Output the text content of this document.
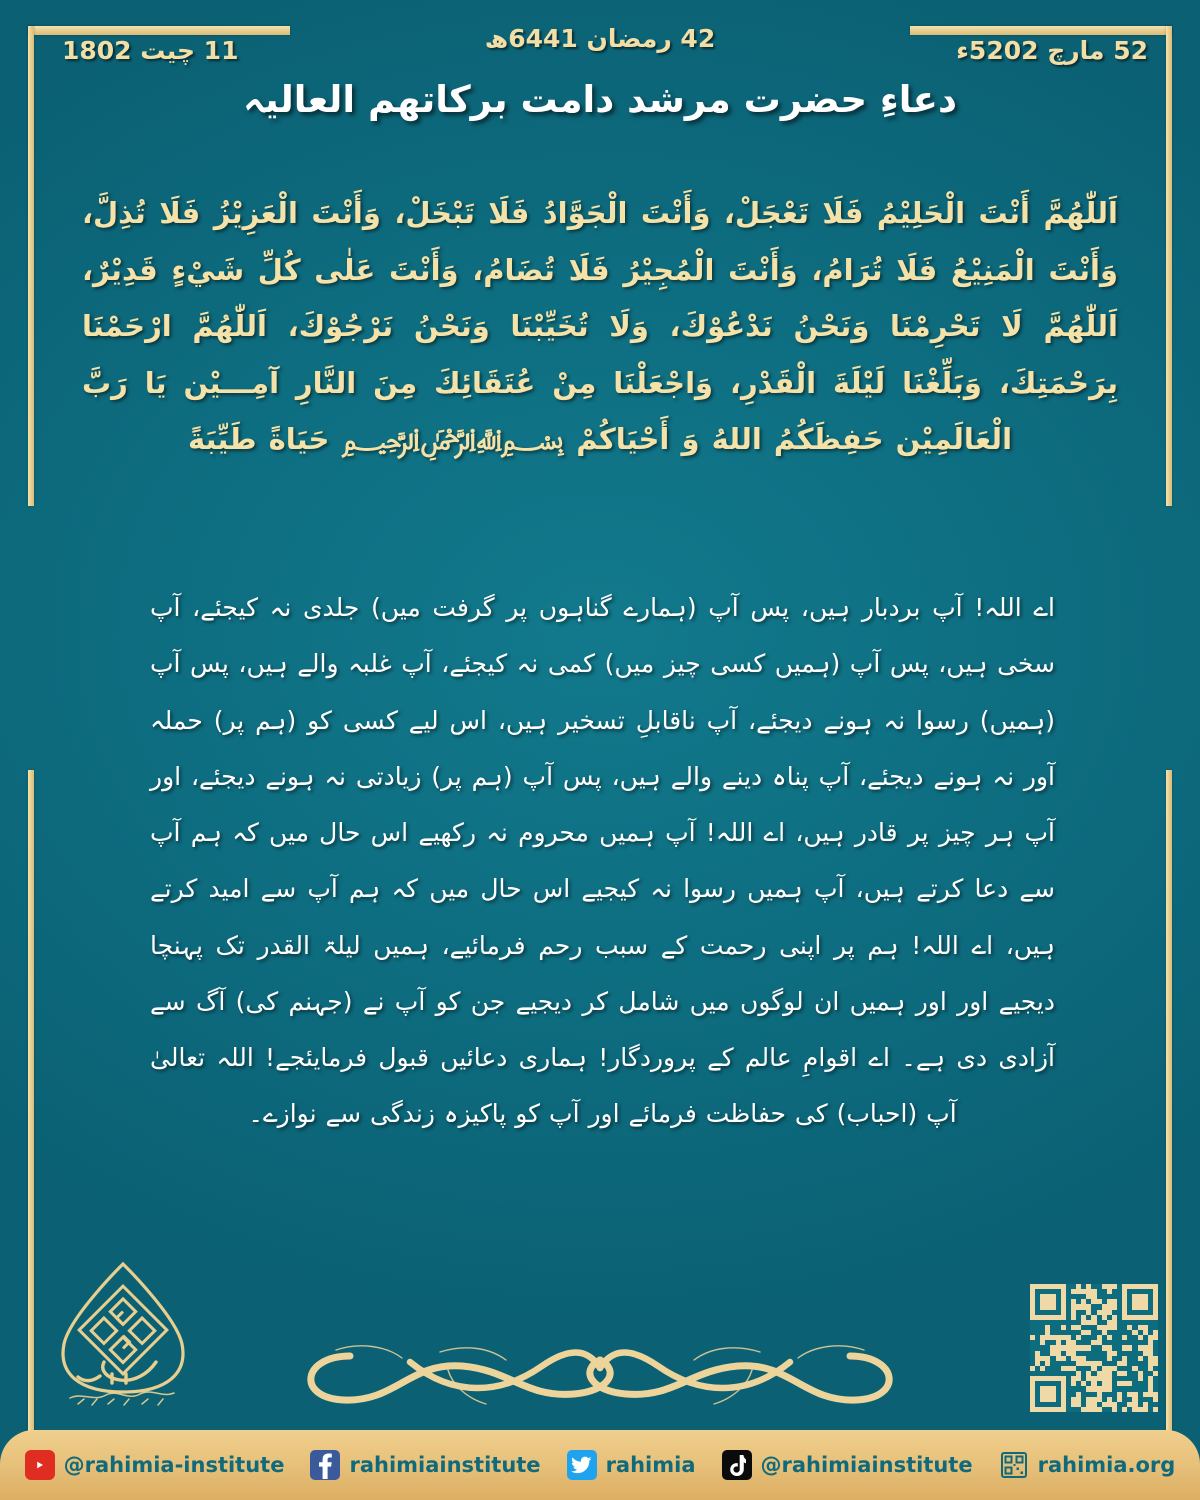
24 رمضان 1446ھ	25 مارچ 2025ء
11 چیت 2081
دعاءِ حضرت مرشد دامت بركاتهم العالیہ
اَللّٰهُمَّ أَنْتَ الْحَلِيْمُ فَلَا تَعْجَلْ، وَأَنْتَ الْجَوَّادُ فَلَا تَبْخَلْ، وَأَنْتَ الْعَزِيْزُ فَلَا تُذِلَّ، وَأَنْتَ الْمَنِيْعُ فَلَا تُرَامُ، وَأَنْتَ الْمُجِيْرُ فَلَا تُضَامُ، وَأَنْتَ عَلٰى كُلِّ شَيْءٍ قَدِيْرٌ، اَللّٰهُمَّ لَا تَحْرِمْنَا وَنَحْنُ نَدْعُوْكَ، وَلَا تُخَيِّبْنَا وَنَحْنُ نَرْجُوْكَ، اَللّٰهُمَّ ارْحَمْنَا بِرَحْمَتِكَ، وَبَلِّغْنَا لَيْلَةَ الْقَدْرِ، وَاجْعَلْنَا مِنْ عُتَقَائِكَ مِنَ النَّارِ آمِـــيْن يَا رَبَّ الْعَالَمِيْن حَفِظَكُمُ اللهُ وَ أَحْيَاكُمْ ﷽ حَيَاةً طَيِّبَةً
اے اللہ! آپ بردبار ہیں، پس آپ (ہمارے گناہوں پر گرفت میں) جلدی نہ کیجئے، آپ سخی ہیں، پس آپ (ہمیں کسی چیز میں) کمی نہ کیجئے، آپ غلبہ والے ہیں، پس آپ (ہمیں) رسوا نہ ہونے دیجئے، آپ ناقابلِ تسخیر ہیں، اس لیے کسی کو (ہم پر) حملہ آور نہ ہونے دیجئے، آپ پناہ دینے والے ہیں، پس آپ (ہم پر) زیادتی نہ ہونے دیجئے، اور آپ ہر چیز پر قادر ہیں، اے اللہ! آپ ہمیں محروم نہ رکھیے اس حال میں کہ ہم آپ سے دعا کرتے ہیں، آپ ہمیں رسوا نہ کیجیے اس حال میں کہ ہم آپ سے امید کرتے ہیں، اے اللہ! ہم پر اپنی رحمت کے سبب رحم فرمائیے، ہمیں لیلۃ القدر تک پہنچا دیجیے اور اور ہمیں ان لوگوں میں شامل کر دیجیے جن کو آپ نے (جہنم کی) آگ سے آزادی دی ہے۔ اے اقوامِ عالم کے پروردگار! ہماری دعائیں قبول فرمایئجے! اللہ تعالیٰ آپ (احباب) کی حفاظت فرمائے اور آپ کو پاکیزہ زندگی سے نوازے۔
@rahimia-institute	rahimiainstitute	rahimia	@rahimiainstitute	rahimia.org
